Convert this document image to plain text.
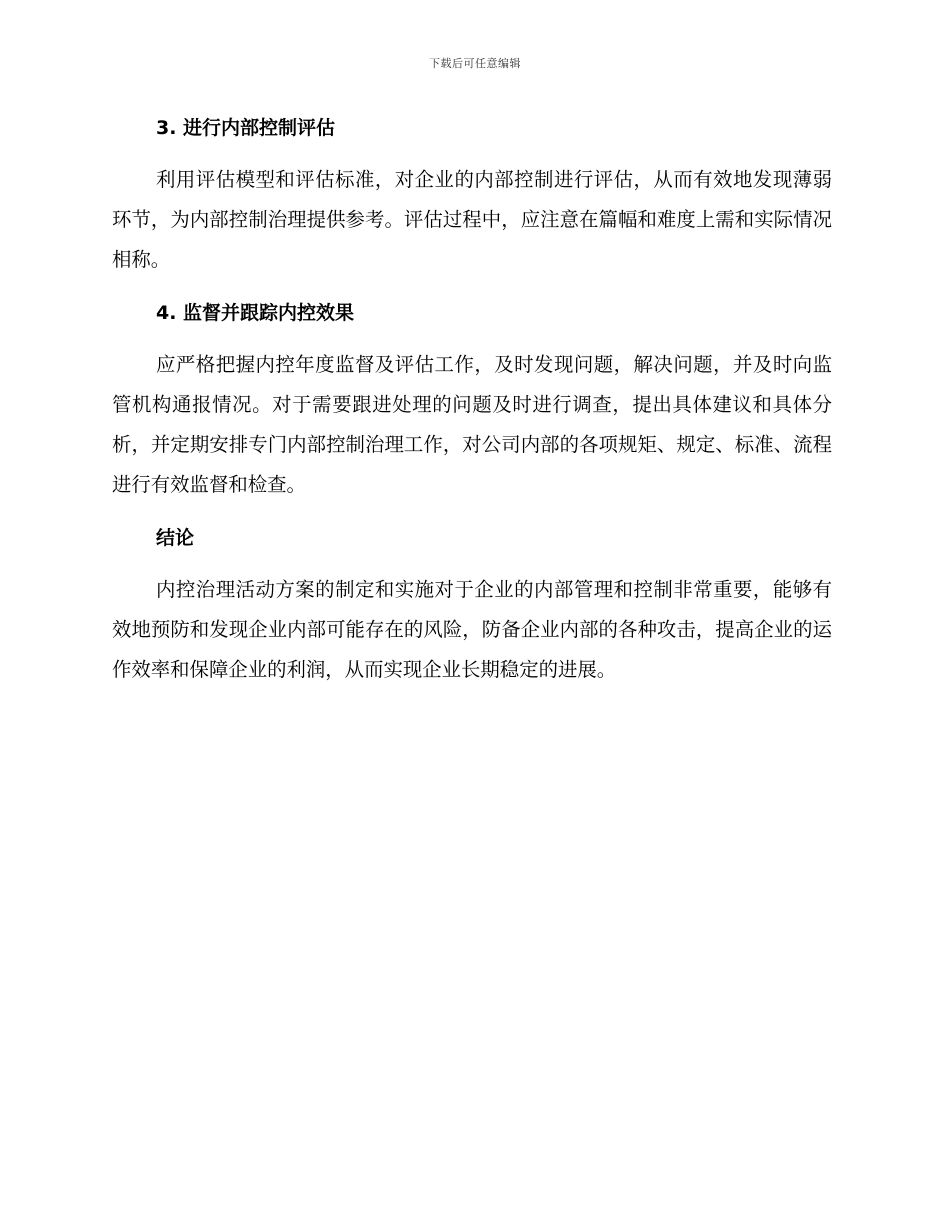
下载后可任意编辑
3. 进行内部控制评估

利用评估模型和评估标准，对企业的内部控制进行评估，从而有效地发现薄弱环节，为内部控制治理提供参考。评估过程中，应注意在篇幅和难度上需和实际情况相称。

4. 监督并跟踪内控效果

应严格把握内控年度监督及评估工作，及时发现问题，解决问题，并及时向监管机构通报情况。对于需要跟进处理的问题及时进行调查，提出具体建议和具体分析，并定期安排专门内部控制治理工作，对公司内部的各项规矩、规定、标准、流程进行有效监督和检查。

结论

内控治理活动方案的制定和实施对于企业的内部管理和控制非常重要，能够有效地预防和发现企业内部可能存在的风险，防备企业内部的各种攻击，提高企业的运作效率和保障企业的利润，从而实现企业长期稳定的进展。
